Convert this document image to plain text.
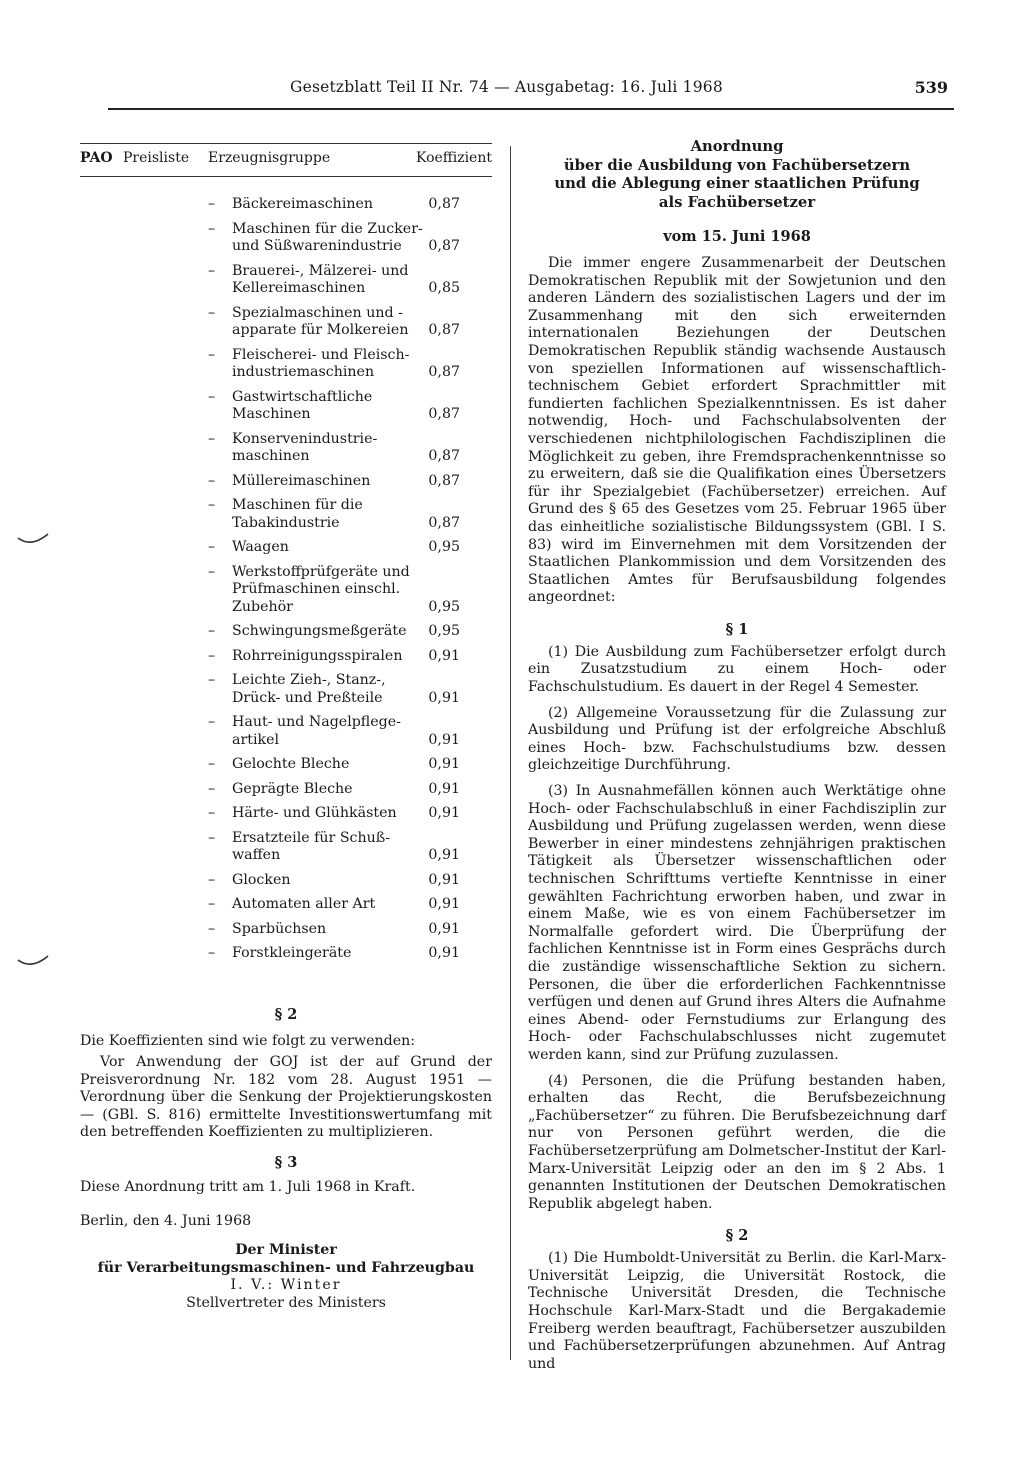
Gesetzblatt Teil II Nr. 74 — Ausgabetag: 16. Juli 1968	539
PAO Preisliste Erzeugnisgruppe	Koeffizient
– Bäckereimaschinen	0,87
– Maschinen für die Zucker- und Süßwarenindustrie	0,87
– Brauerei-, Mälzerei- und Kellereimaschinen	0,85
– Spezialmaschinen und -apparate für Molkereien	0,87
– Fleischerei- und Fleisch- industriemaschinen	0,87
– Gastwirtschaftliche Maschinen	0,87
– Konservenindustrie- maschinen	0,87
– Müllereimaschinen	0,87
– Maschinen für die Tabakindustrie	0,87
– Waagen	0,95
– Werkstoffprüfgeräte und Prüfmaschinen einschl. Zubehör	0,95
– Schwingungsmeßgeräte	0,95
– Rohrreinigungsspiralen	0,91
– Leichte Zieh-, Stanz-, Drück- und Preßteile	0,91
– Haut- und Nagelpflege- artikel	0,91
– Gelochte Bleche	0,91
– Geprägte Bleche	0,91
– Härte- und Glühkästen	0,91
– Ersatzteile für Schuß- waffen	0,91
– Glocken	0,91
– Automaten aller Art	0,91
– Sparbüchsen	0,91
– Forstkleingeräte	0,91
§ 2
Die Koeffizienten sind wie folgt zu verwenden:
Vor Anwendung der GOJ ist der auf Grund der Preisverordnung Nr. 182 vom 28. August 1951 — Verordnung über die Senkung der Projektierungskosten — (GBl. S. 816) ermittelte Investitionswertumfang mit den betreffenden Koeffizienten zu multiplizieren.
§ 3
Diese Anordnung tritt am 1. Juli 1968 in Kraft.
Berlin, den 4. Juni 1968
Der Minister
für Verarbeitungsmaschinen- und Fahrzeugbau
I. V.: Winter
Stellvertreter des Ministers
Anordnung
über die Ausbildung von Fachübersetzern
und die Ablegung einer staatlichen Prüfung
als Fachübersetzer
vom 15. Juni 1968
Die immer engere Zusammenarbeit der Deutschen Demokratischen Republik mit der Sowjetunion und den anderen Ländern des sozialistischen Lagers und der im Zusammenhang mit den sich erweiternden internationalen Beziehungen der Deutschen Demokratischen Republik ständig wachsende Austausch von speziellen Informationen auf wissenschaftlich-technischem Gebiet erfordert Sprachmittler mit fundierten fachlichen Spezialkenntnissen. Es ist daher notwendig, Hoch- und Fachschulabsolventen der verschiedenen nichtphilologischen Fachdisziplinen die Möglichkeit zu geben, ihre Fremdsprachenkenntnisse so zu erweitern, daß sie die Qualifikation eines Übersetzers für ihr Spezialgebiet (Fachübersetzer) erreichen. Auf Grund des § 65 des Gesetzes vom 25. Februar 1965 über das einheitliche sozialistische Bildungssystem (GBl. I S. 83) wird im Einvernehmen mit dem Vorsitzenden der Staatlichen Plankommission und dem Vorsitzenden des Staatlichen Amtes für Berufsausbildung folgendes angeordnet:
§ 1
(1) Die Ausbildung zum Fachübersetzer erfolgt durch ein Zusatzstudium zu einem Hoch- oder Fachschulstudium. Es dauert in der Regel 4 Semester.
(2) Allgemeine Voraussetzung für die Zulassung zur Ausbildung und Prüfung ist der erfolgreiche Abschluß eines Hoch- bzw. Fachschulstudiums bzw. dessen gleichzeitige Durchführung.
(3) In Ausnahmefällen können auch Werktätige ohne Hoch- oder Fachschulabschluß in einer Fachdisziplin zur Ausbildung und Prüfung zugelassen werden, wenn diese Bewerber in einer mindestens zehnjährigen praktischen Tätigkeit als Übersetzer wissenschaftlichen oder technischen Schrifttums vertiefte Kenntnisse in einer gewählten Fachrichtung erworben haben, und zwar in einem Maße, wie es von einem Fachübersetzer im Normalfalle gefordert wird. Die Überprüfung der fachlichen Kenntnisse ist in Form eines Gesprächs durch die zuständige wissenschaftliche Sektion zu sichern. Personen, die über die erforderlichen Fachkenntnisse verfügen und denen auf Grund ihres Alters die Aufnahme eines Abend- oder Fernstudiums zur Erlangung des Hoch- oder Fachschulabschlusses nicht zugemutet werden kann, sind zur Prüfung zuzulassen.
(4) Personen, die die Prüfung bestanden haben, erhalten das Recht, die Berufsbezeichnung „Fachübersetzer“ zu führen. Die Berufsbezeichnung darf nur von Personen geführt werden, die die Fachübersetzerprüfung am Dolmetscher-Institut der Karl-Marx-Universität Leipzig oder an den im § 2 Abs. 1 genannten Institutionen der Deutschen Demokratischen Republik abgelegt haben.
§ 2
(1) Die Humboldt-Universität zu Berlin. die Karl-Marx-Universität Leipzig, die Universität Rostock, die Technische Universität Dresden, die Technische Hochschule Karl-Marx-Stadt und die Bergakademie Freiberg werden beauftragt, Fachübersetzer auszubilden und Fachübersetzerprüfungen abzunehmen. Auf Antrag und
